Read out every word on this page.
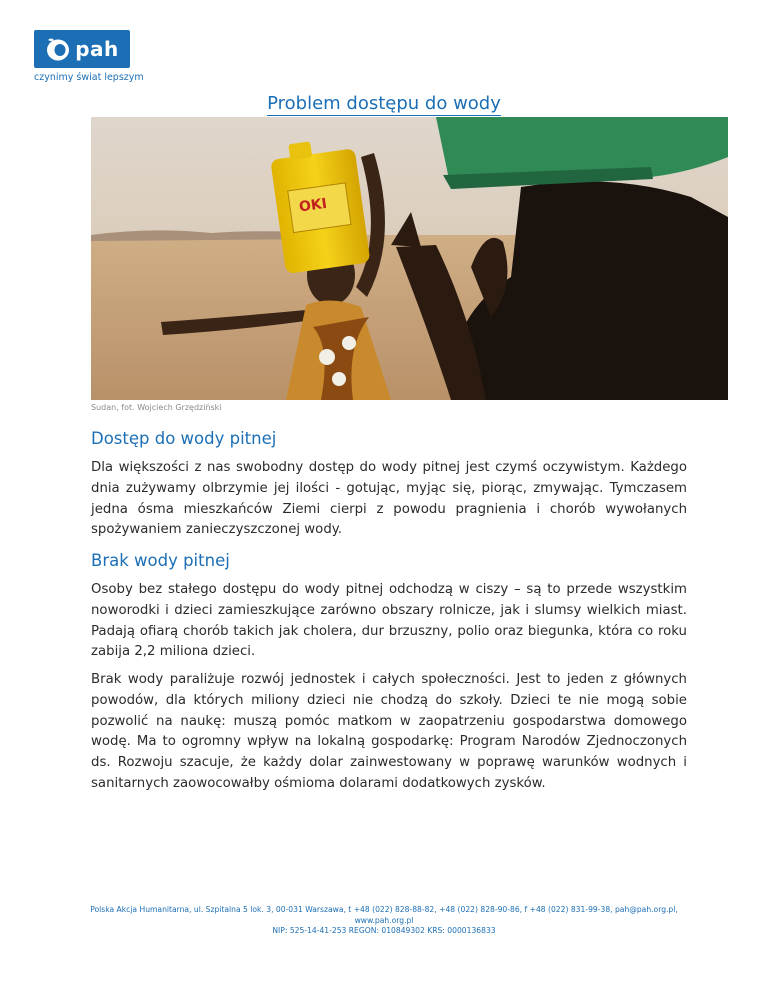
pah
czynimy świat lepszym
Problem dostępu do wody
OKI
Sudan, fot. Wojciech Grzędziński
Dostęp do wody pitnej

Dla większości z nas swobodny dostęp do wody pitnej jest czymś oczywistym. Każdego dnia zużywamy olbrzymie jej ilości - gotując, myjąc się, piorąc, zmywając. Tymczasem jedna ósma mieszkańców Ziemi cierpi z powodu pragnienia i chorób wywołanych spożywaniem zanieczyszczonej wody.

Brak wody pitnej

Osoby bez stałego dostępu do wody pitnej odchodzą w ciszy – są to przede wszystkim noworodki i dzieci zamieszkujące zarówno obszary rolnicze, jak i slumsy wielkich miast. Padają ofiarą chorób takich jak cholera, dur brzuszny, polio oraz biegunka, która co roku zabija 2,2 miliona dzieci.

Brak wody paraliżuje rozwój jednostek i całych społeczności. Jest to jeden z głównych powodów, dla których miliony dzieci nie chodzą do szkoły. Dzieci te nie mogą sobie pozwolić na naukę: muszą pomóc matkom w zaopatrzeniu gospodarstwa domowego wodę. Ma to ogromny wpływ na lokalną gospodarkę: Program Narodów Zjednoczonych ds. Rozwoju szacuje, że każdy dolar zainwestowany w poprawę warunków wodnych i sanitarnych zaowocowałby ośmioma dolarami dodatkowych zysków.

Polska Akcja Humanitarna, ul. Szpitalna 5 lok. 3, 00-031 Warszawa, t +48 (022) 828-88-82, +48 (022) 828-90-86, f +48 (022) 831-99-38, pah@pah.org.pl,
www.pah.org.pl
NIP: 525-14-41-253 REGON: 010849302 KRS: 0000136833
